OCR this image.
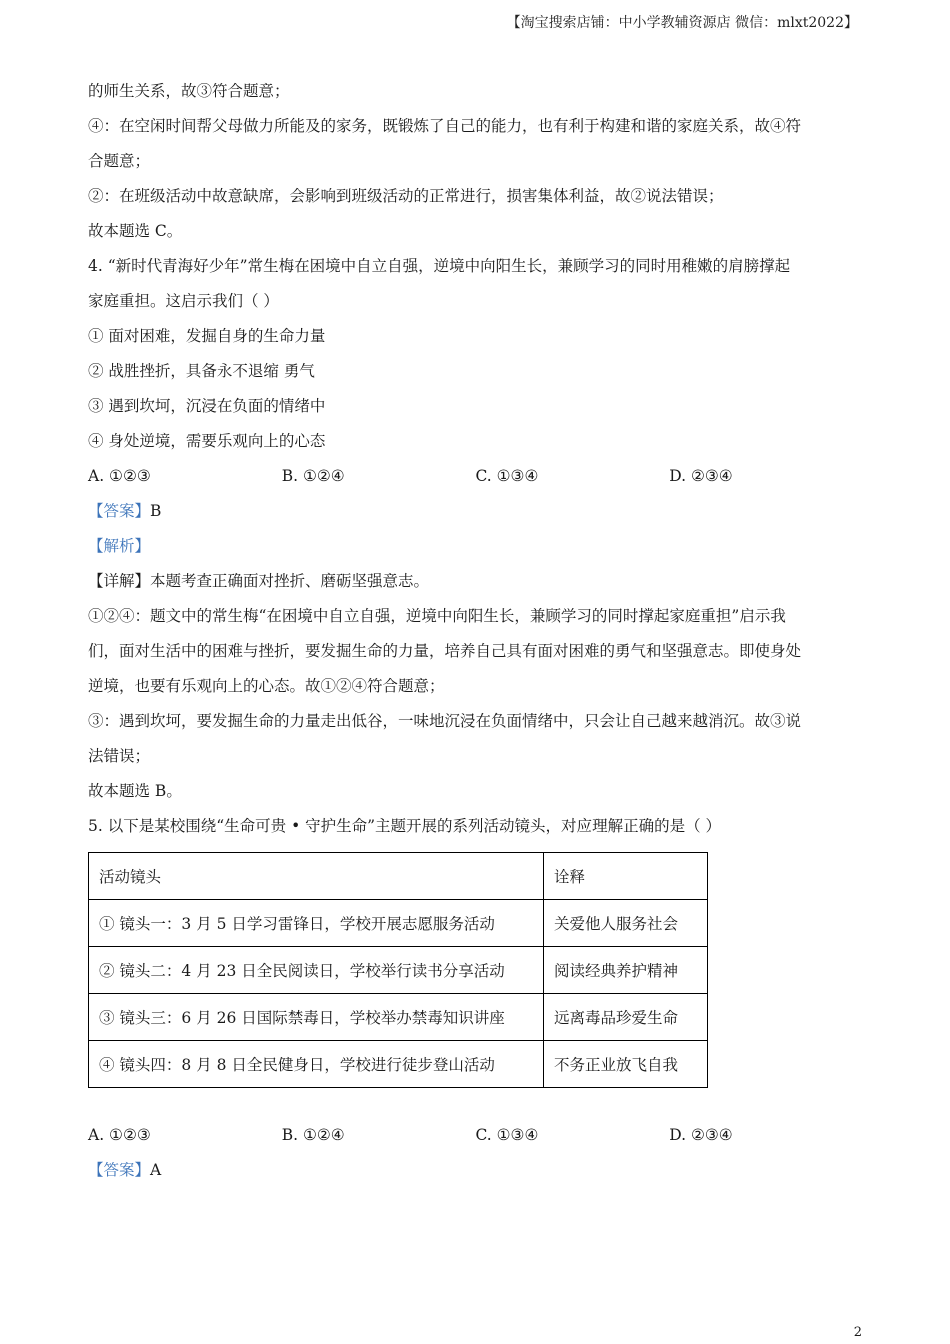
【淘宝搜索店铺：中小学教辅资源店 微信：mlxt2022】
的师生关系，故③符合题意；
④：在空闲时间帮父母做力所能及的家务，既锻炼了自己的能力，也有利于构建和谐的家庭关系，故④符
合题意；
②：在班级活动中故意缺席，会影响到班级活动的正常进行，损害集体利益，故②说法错误；
故本题选 C。
4. “新时代青海好少年”常生梅在困境中自立自强，逆境中向阳生长，兼顾学习的同时用稚嫩的肩膀撑起
家庭重担。这启示我们（ ）
① 面对困难，发掘自身的生命力量
② 战胜挫折，具备永不退缩 勇气
③ 遇到坎坷，沉浸在负面的情绪中
④ 身处逆境，需要乐观向上的心态
A. ①②③	B. ①②④	C. ①③④	D. ②③④
【答案】B
【解析】
【详解】本题考查正确面对挫折、磨砺坚强意志。
①②④：题文中的常生梅“在困境中自立自强，逆境中向阳生长，兼顾学习的同时撑起家庭重担”启示我
们，面对生活中的困难与挫折，要发掘生命的力量，培养自己具有面对困难的勇气和坚强意志。即使身处
逆境，也要有乐观向上的心态。故①②④符合题意；
③：遇到坎坷，要发掘生命的力量走出低谷，一味地沉浸在负面情绪中，只会让自己越来越消沉。故③说
法错误；
故本题选 B。
5. 以下是某校围绕“生命可贵 • 守护生命”主题开展的系列活动镜头，对应理解正确的是（ ）
活动镜头	诠释
① 镜头一：3 月 5 日学习雷锋日，学校开展志愿服务活动	关爱他人服务社会
② 镜头二：4 月 23 日全民阅读日，学校举行读书分享活动	阅读经典养护精神
③ 镜头三：6 月 26 日国际禁毒日，学校举办禁毒知识讲座	远离毒品珍爱生命
④ 镜头四：8 月 8 日全民健身日，学校进行徒步登山活动	不务正业放飞自我
A. ①②③	B. ①②④	C. ①③④	D. ②③④
【答案】A
2
